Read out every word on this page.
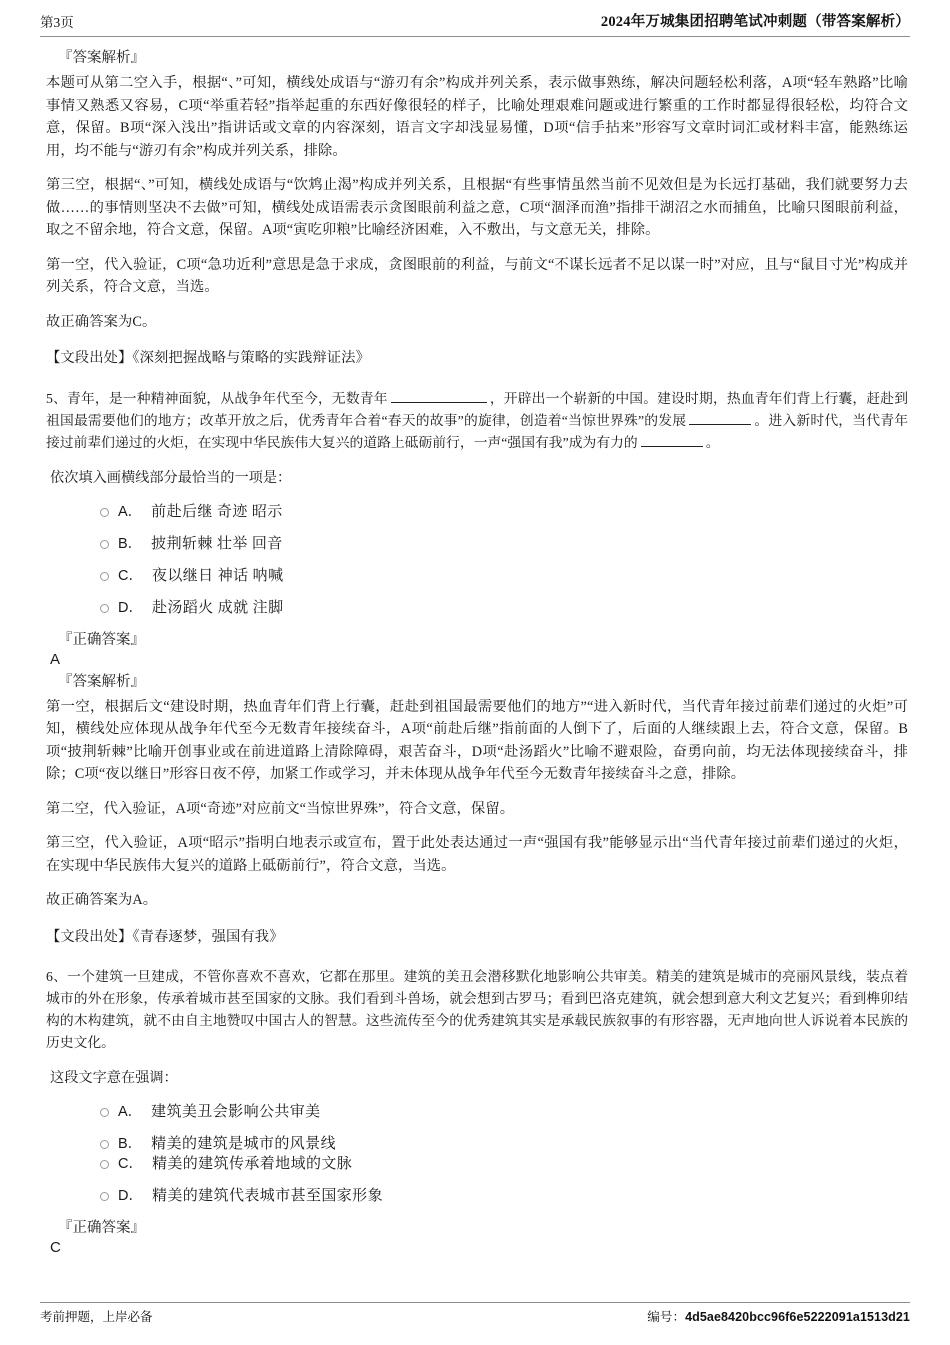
第3页	2024年万城集团招聘笔试冲刺题（带答案解析）

『答案解析』

本题可从第二空入手，根据“、”可知，横线处成语与“游刃有余”构成并列关系，表示做事熟练，解决问题轻松利落，A项“轻车熟路”比喻事情又熟悉又容易，C项“举重若轻”指举起重的东西好像很轻的样子，比喻处理艰难问题或进行繁重的工作时都显得很轻松，均符合文意，保留。B项“深入浅出”指讲话或文章的内容深刻，语言文字却浅显易懂，D项“信手拈来”形容写文章时词汇或材料丰富，能熟练运用，均不能与“游刃有余”构成并列关系，排除。

第三空，根据“、”可知，横线处成语与“饮鸩止渴”构成并列关系，且根据“有些事情虽然当前不见效但是为长远打基础，我们就要努力去做……的事情则坚决不去做”可知，横线处成语需表示贪图眼前利益之意，C项“涸泽而渔”指排干湖沼之水而捕鱼，比喻只图眼前利益，取之不留余地，符合文意，保留。A项“寅吃卯粮”比喻经济困难，入不敷出，与文意无关，排除。

第一空，代入验证，C项“急功近利”意思是急于求成，贪图眼前的利益，与前文“不谋长远者不足以谋一时”对应，且与“鼠目寸光”构成并列关系，符合文意，当选。

故正确答案为C。

【文段出处】《深刻把握战略与策略的实践辩证法》

5、青年，是一种精神面貌，从战争年代至今，无数青年	，开辟出一个崭新的中国。建设时期，热血青年们背上行囊，赶赴到祖国最需要他们的地方；改革开放之后，优秀青年合着“春天的故事”的旋律，创造着“当惊世界殊”的发展	。进入新时代，当代青年接过前辈们递过的火炬，在实现中华民族伟大复兴的道路上砥砺前行，一声“强国有我”成为有力的	。

依次填入画横线部分最恰当的一项是：

A． 前赴后继 奇迹 昭示
B． 披荆斩棘 壮举 回音
C． 夜以继日 神话 呐喊
D． 赴汤蹈火 成就 注脚

『正确答案』

A

『答案解析』

第一空，根据后文“建设时期，热血青年们背上行囊，赶赴到祖国最需要他们的地方”“进入新时代，当代青年接过前辈们递过的火炬”可知，横线处应体现从战争年代至今无数青年接续奋斗，A项“前赴后继”指前面的人倒下了，后面的人继续跟上去，符合文意，保留。B项“披荆斩棘”比喻开创事业或在前进道路上清除障碍，艰苦奋斗，D项“赴汤蹈火”比喻不避艰险，奋勇向前，均无法体现接续奋斗，排除；C项“夜以继日”形容日夜不停，加紧工作或学习，并未体现从战争年代至今无数青年接续奋斗之意，排除。

第二空，代入验证，A项“奇迹”对应前文“当惊世界殊”，符合文意，保留。

第三空，代入验证，A项“昭示”指明白地表示或宣布，置于此处表达通过一声“强国有我”能够显示出“当代青年接过前辈们递过的火炬，在实现中华民族伟大复兴的道路上砥砺前行”，符合文意，当选。

故正确答案为A。

【文段出处】《青春逐梦，强国有我》

6、一个建筑一旦建成，不管你喜欢不喜欢，它都在那里。建筑的美丑会潜移默化地影响公共审美。精美的建筑是城市的亮丽风景线，装点着城市的外在形象，传承着城市甚至国家的文脉。我们看到斗兽场，就会想到古罗马；看到巴洛克建筑，就会想到意大利文艺复兴；看到榫卯结构的木构建筑，就不由自主地赞叹中国古人的智慧。这些流传至今的优秀建筑其实是承载民族叙事的有形容器，无声地向世人诉说着本民族的历史文化。

这段文字意在强调：

A． 建筑美丑会影响公共审美
B． 精美的建筑是城市的风景线
C． 精美的建筑传承着地域的文脉
D． 精美的建筑代表城市甚至国家形象

『正确答案』

C

考前押题，上岸必备	编号：4d5ae8420bcc96f6e5222091a1513d21
